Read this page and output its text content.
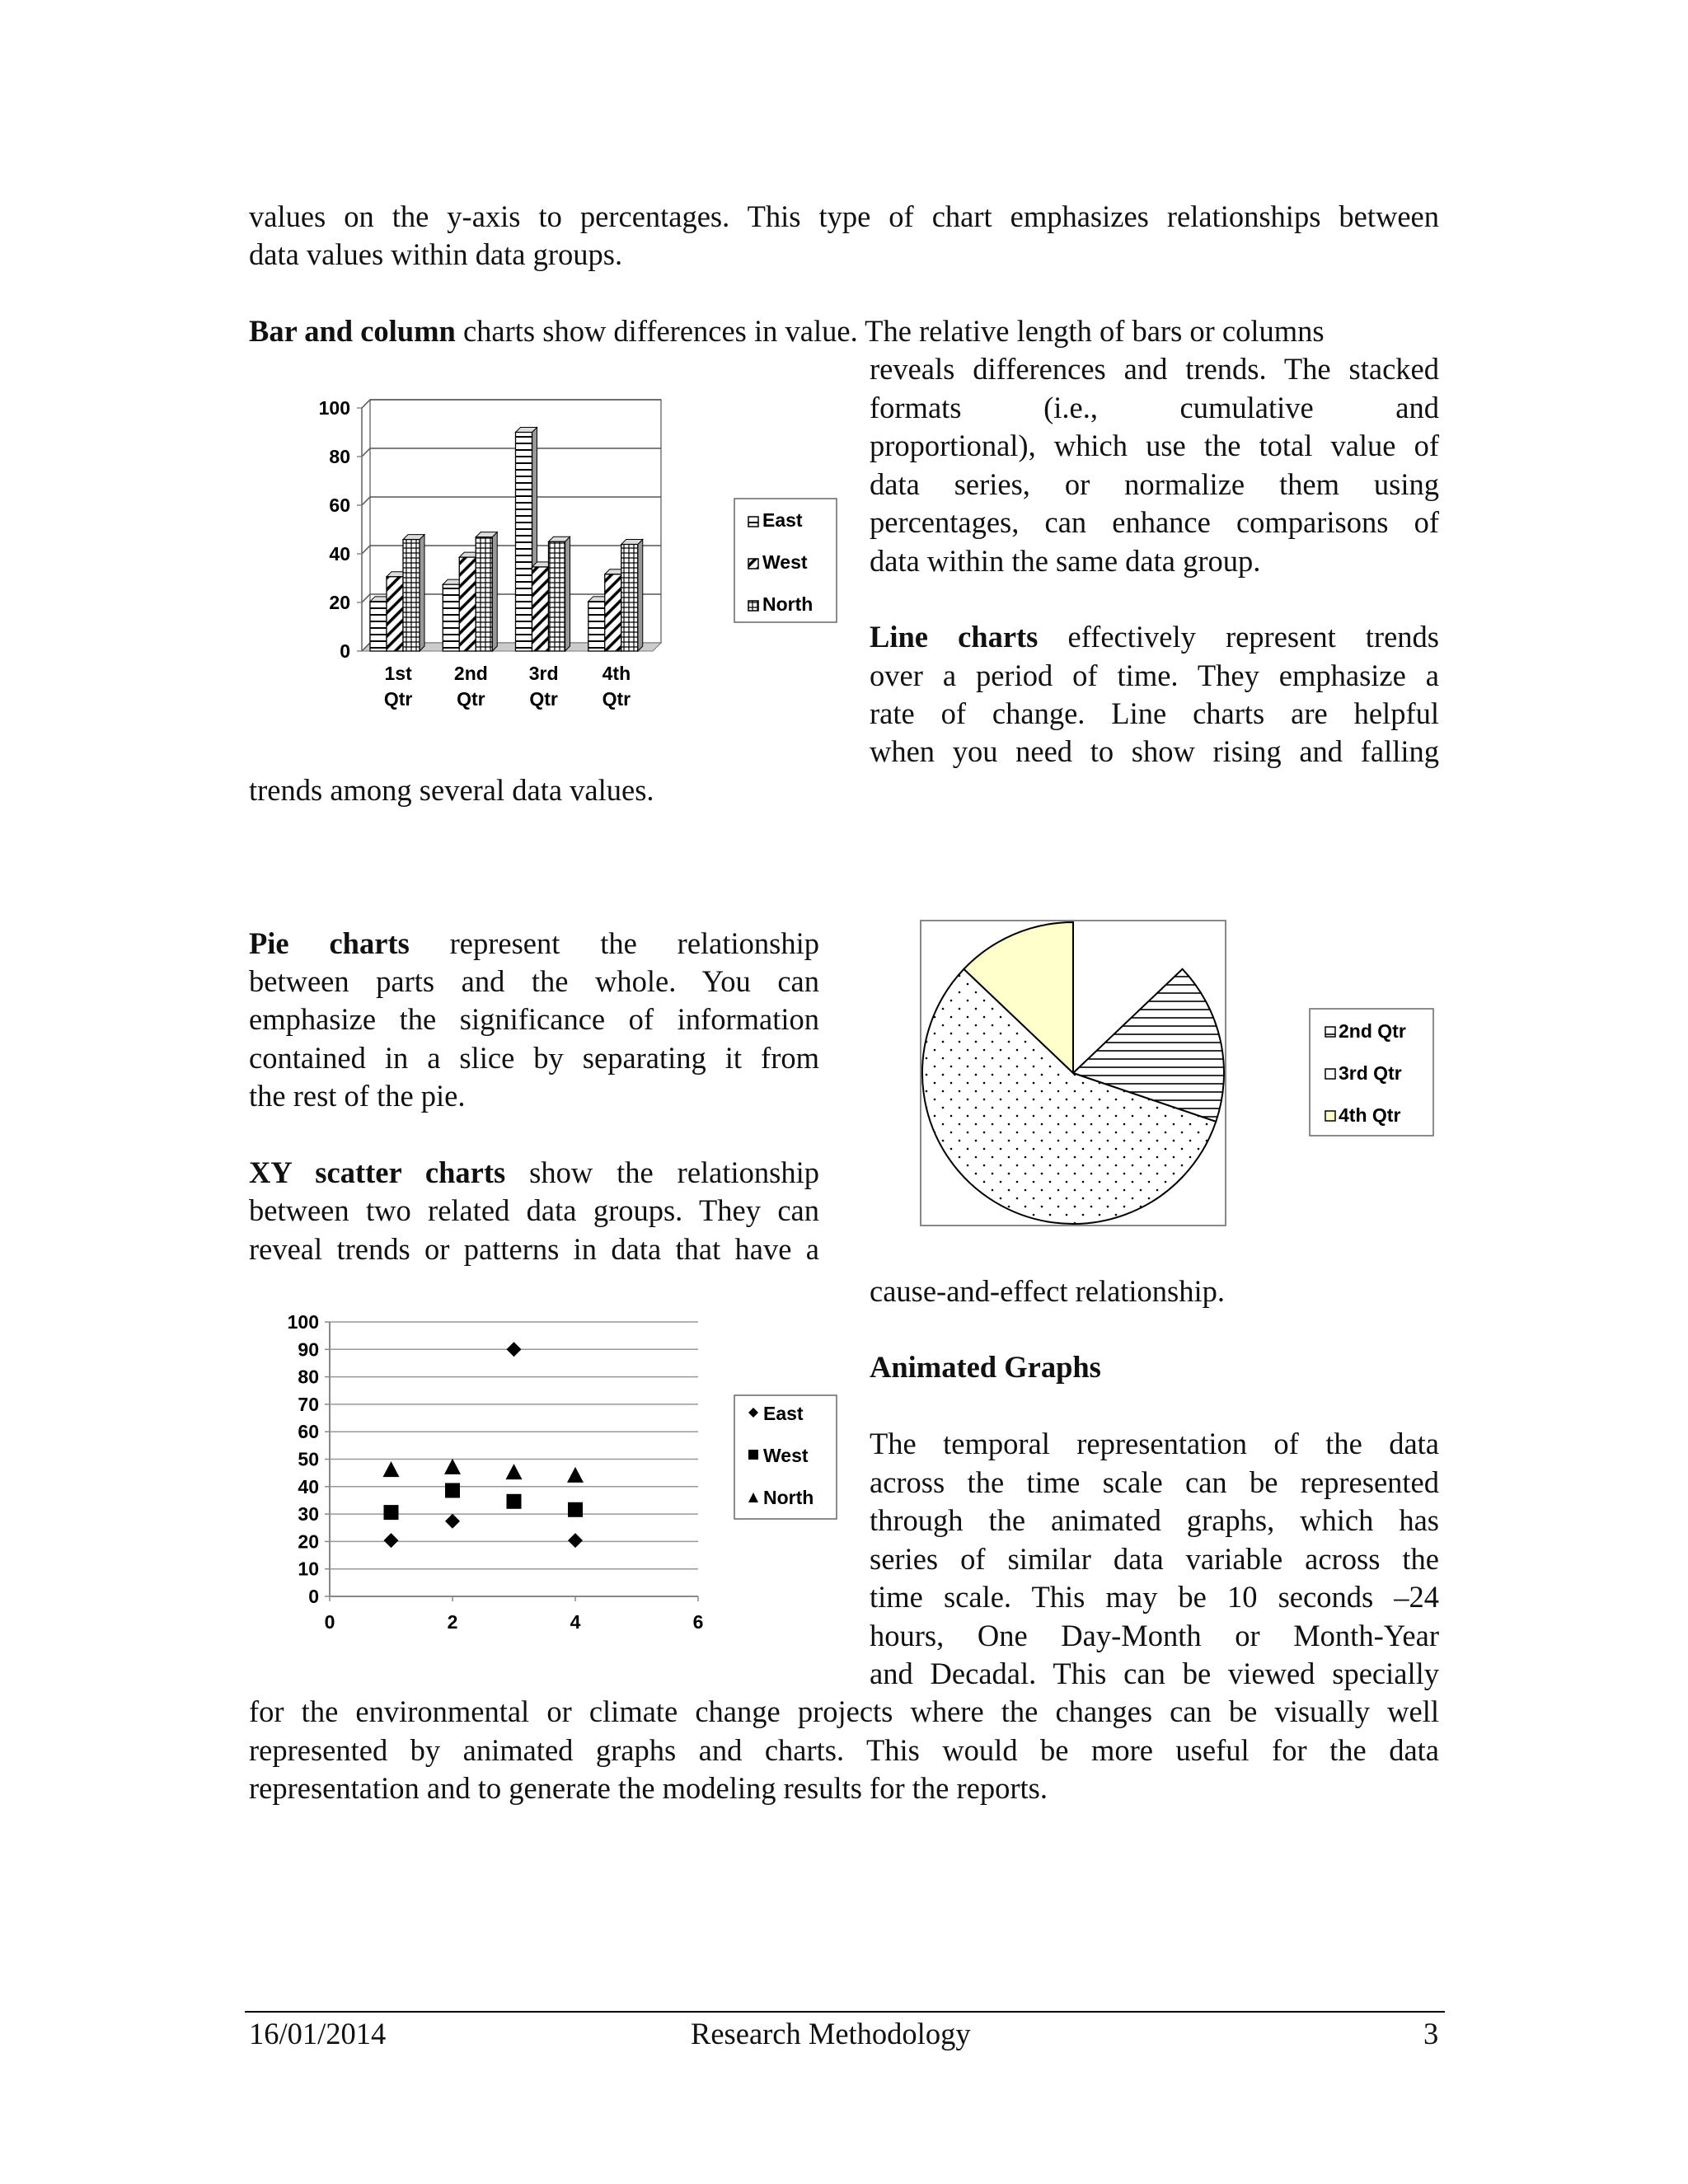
values on the y-axis to percentages. This type of chart emphasizes relationships between
data values within data groups.
Bar and column charts show differences in value. The relative length of bars or columns
reveals differences and trends. The stacked
formats (i.e., cumulative and
proportional), which use the total value of
data series, or normalize them using
percentages, can enhance comparisons of
data within the same data group.
Line charts effectively represent trends
over a period of time. They emphasize a
rate of change. Line charts are helpful
when you need to show rising and falling
trends among several data values.
Pie charts represent the relationship
between parts and the whole. You can
emphasize the significance of information
contained in a slice by separating it from
the rest of the pie.
XY scatter charts show the relationship
between two related data groups. They can
reveal trends or patterns in data that have a
cause-and-effect relationship.
Animated Graphs
The temporal representation of the data
across the time scale can be represented
through the animated graphs, which has
series of similar data variable across the
time scale. This may be 10 seconds –24
hours, One Day-Month or Month-Year
and Decadal. This can be viewed specially
for the environmental or climate change projects where the changes can be visually well
represented by animated graphs and charts. This would be more useful for the data
representation and to generate the modeling results for the reports.
0
20
40
60
80
100
1st
Qtr
2nd
Qtr
3rd
Qtr
4th
Qtr
East
West
North
2nd Qtr
3rd Qtr
4th Qtr
0
10
20
30
40
50
60
70
80
90
100
0	2	4	6
East
West
North
16/01/2014	Research Methodology	3
